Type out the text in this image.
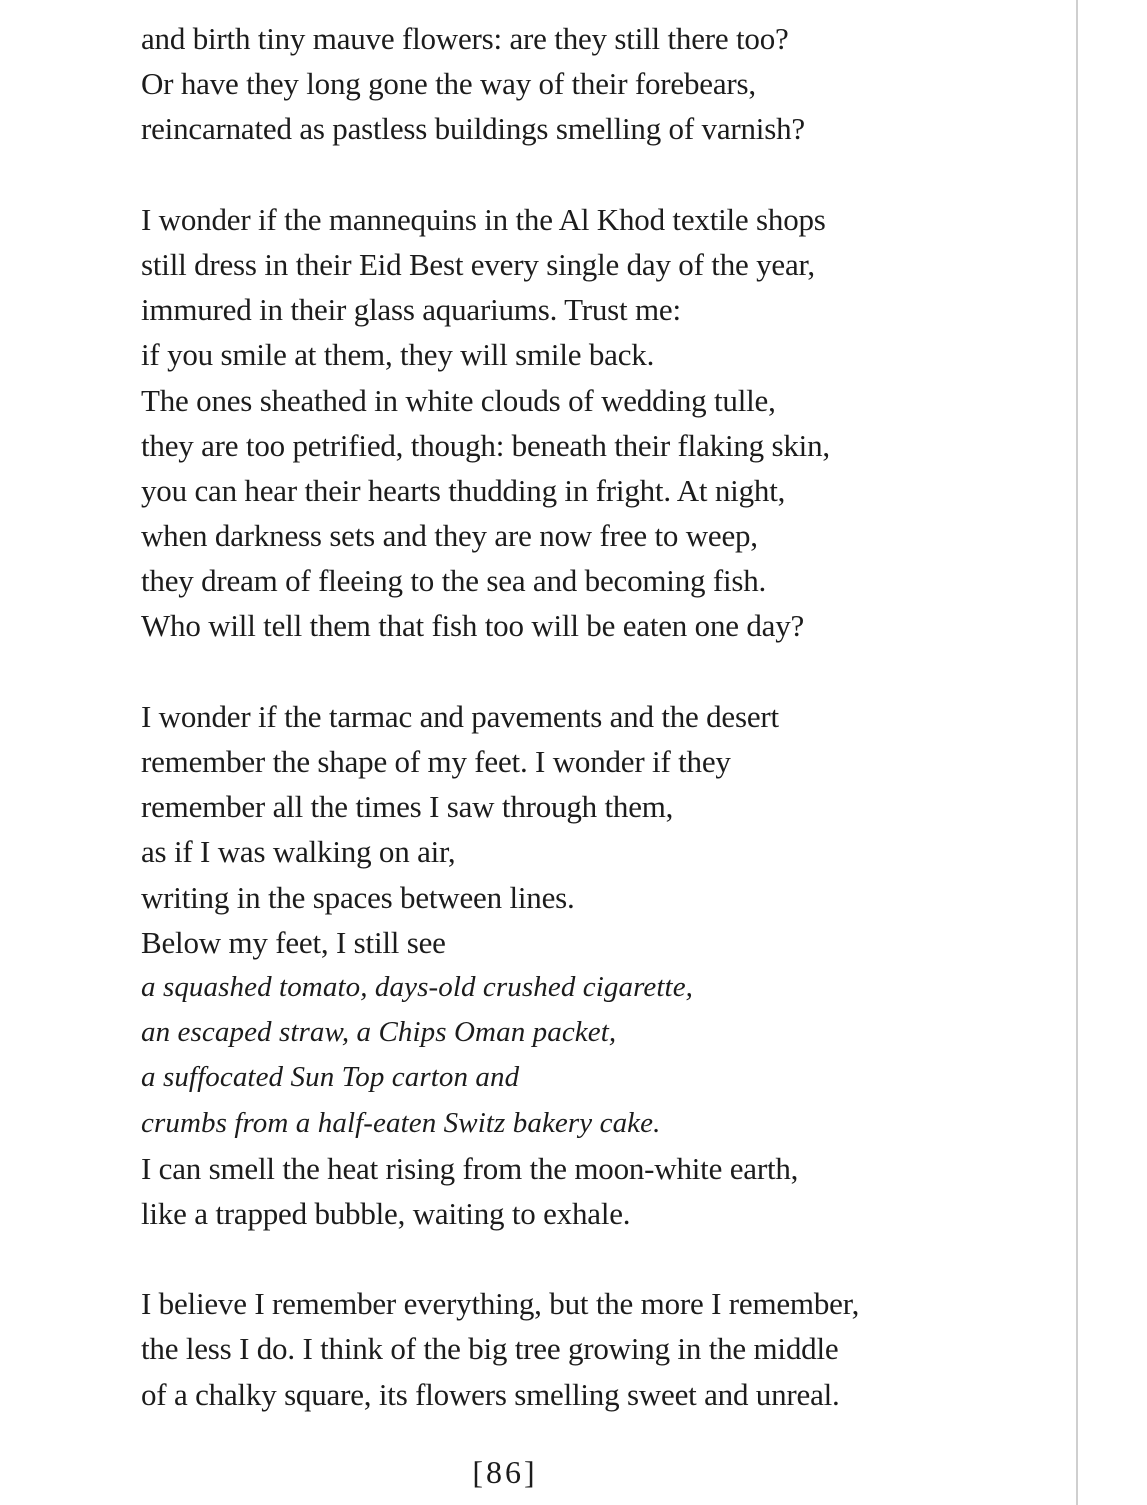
and birth tiny mauve flowers: are they still there too?
Or have they long gone the way of their forebears,
reincarnated as pastless buildings smelling of varnish?
I wonder if the mannequins in the Al Khod textile shops
still dress in their Eid Best every single day of the year,
immured in their glass aquariums. Trust me:
if you smile at them, they will smile back.
The ones sheathed in white clouds of wedding tulle,
they are too petrified, though: beneath their flaking skin,
you can hear their hearts thudding in fright. At night,
when darkness sets and they are now free to weep,
they dream of fleeing to the sea and becoming fish.
Who will tell them that fish too will be eaten one day?
I wonder if the tarmac and pavements and the desert
remember the shape of my feet. I wonder if they
remember all the times I saw through them,
as if I was walking on air,
writing in the spaces between lines.
Below my feet, I still see
a squashed tomato, days-old crushed cigarette,
an escaped straw, a Chips Oman packet,
a suffocated Sun Top carton and
crumbs from a half-eaten Switz bakery cake.
I can smell the heat rising from the moon-white earth,
like a trapped bubble, waiting to exhale.
I believe I remember everything, but the more I remember,
the less I do. I think of the big tree growing in the middle
of a chalky square, its flowers smelling sweet and unreal.
[86]
